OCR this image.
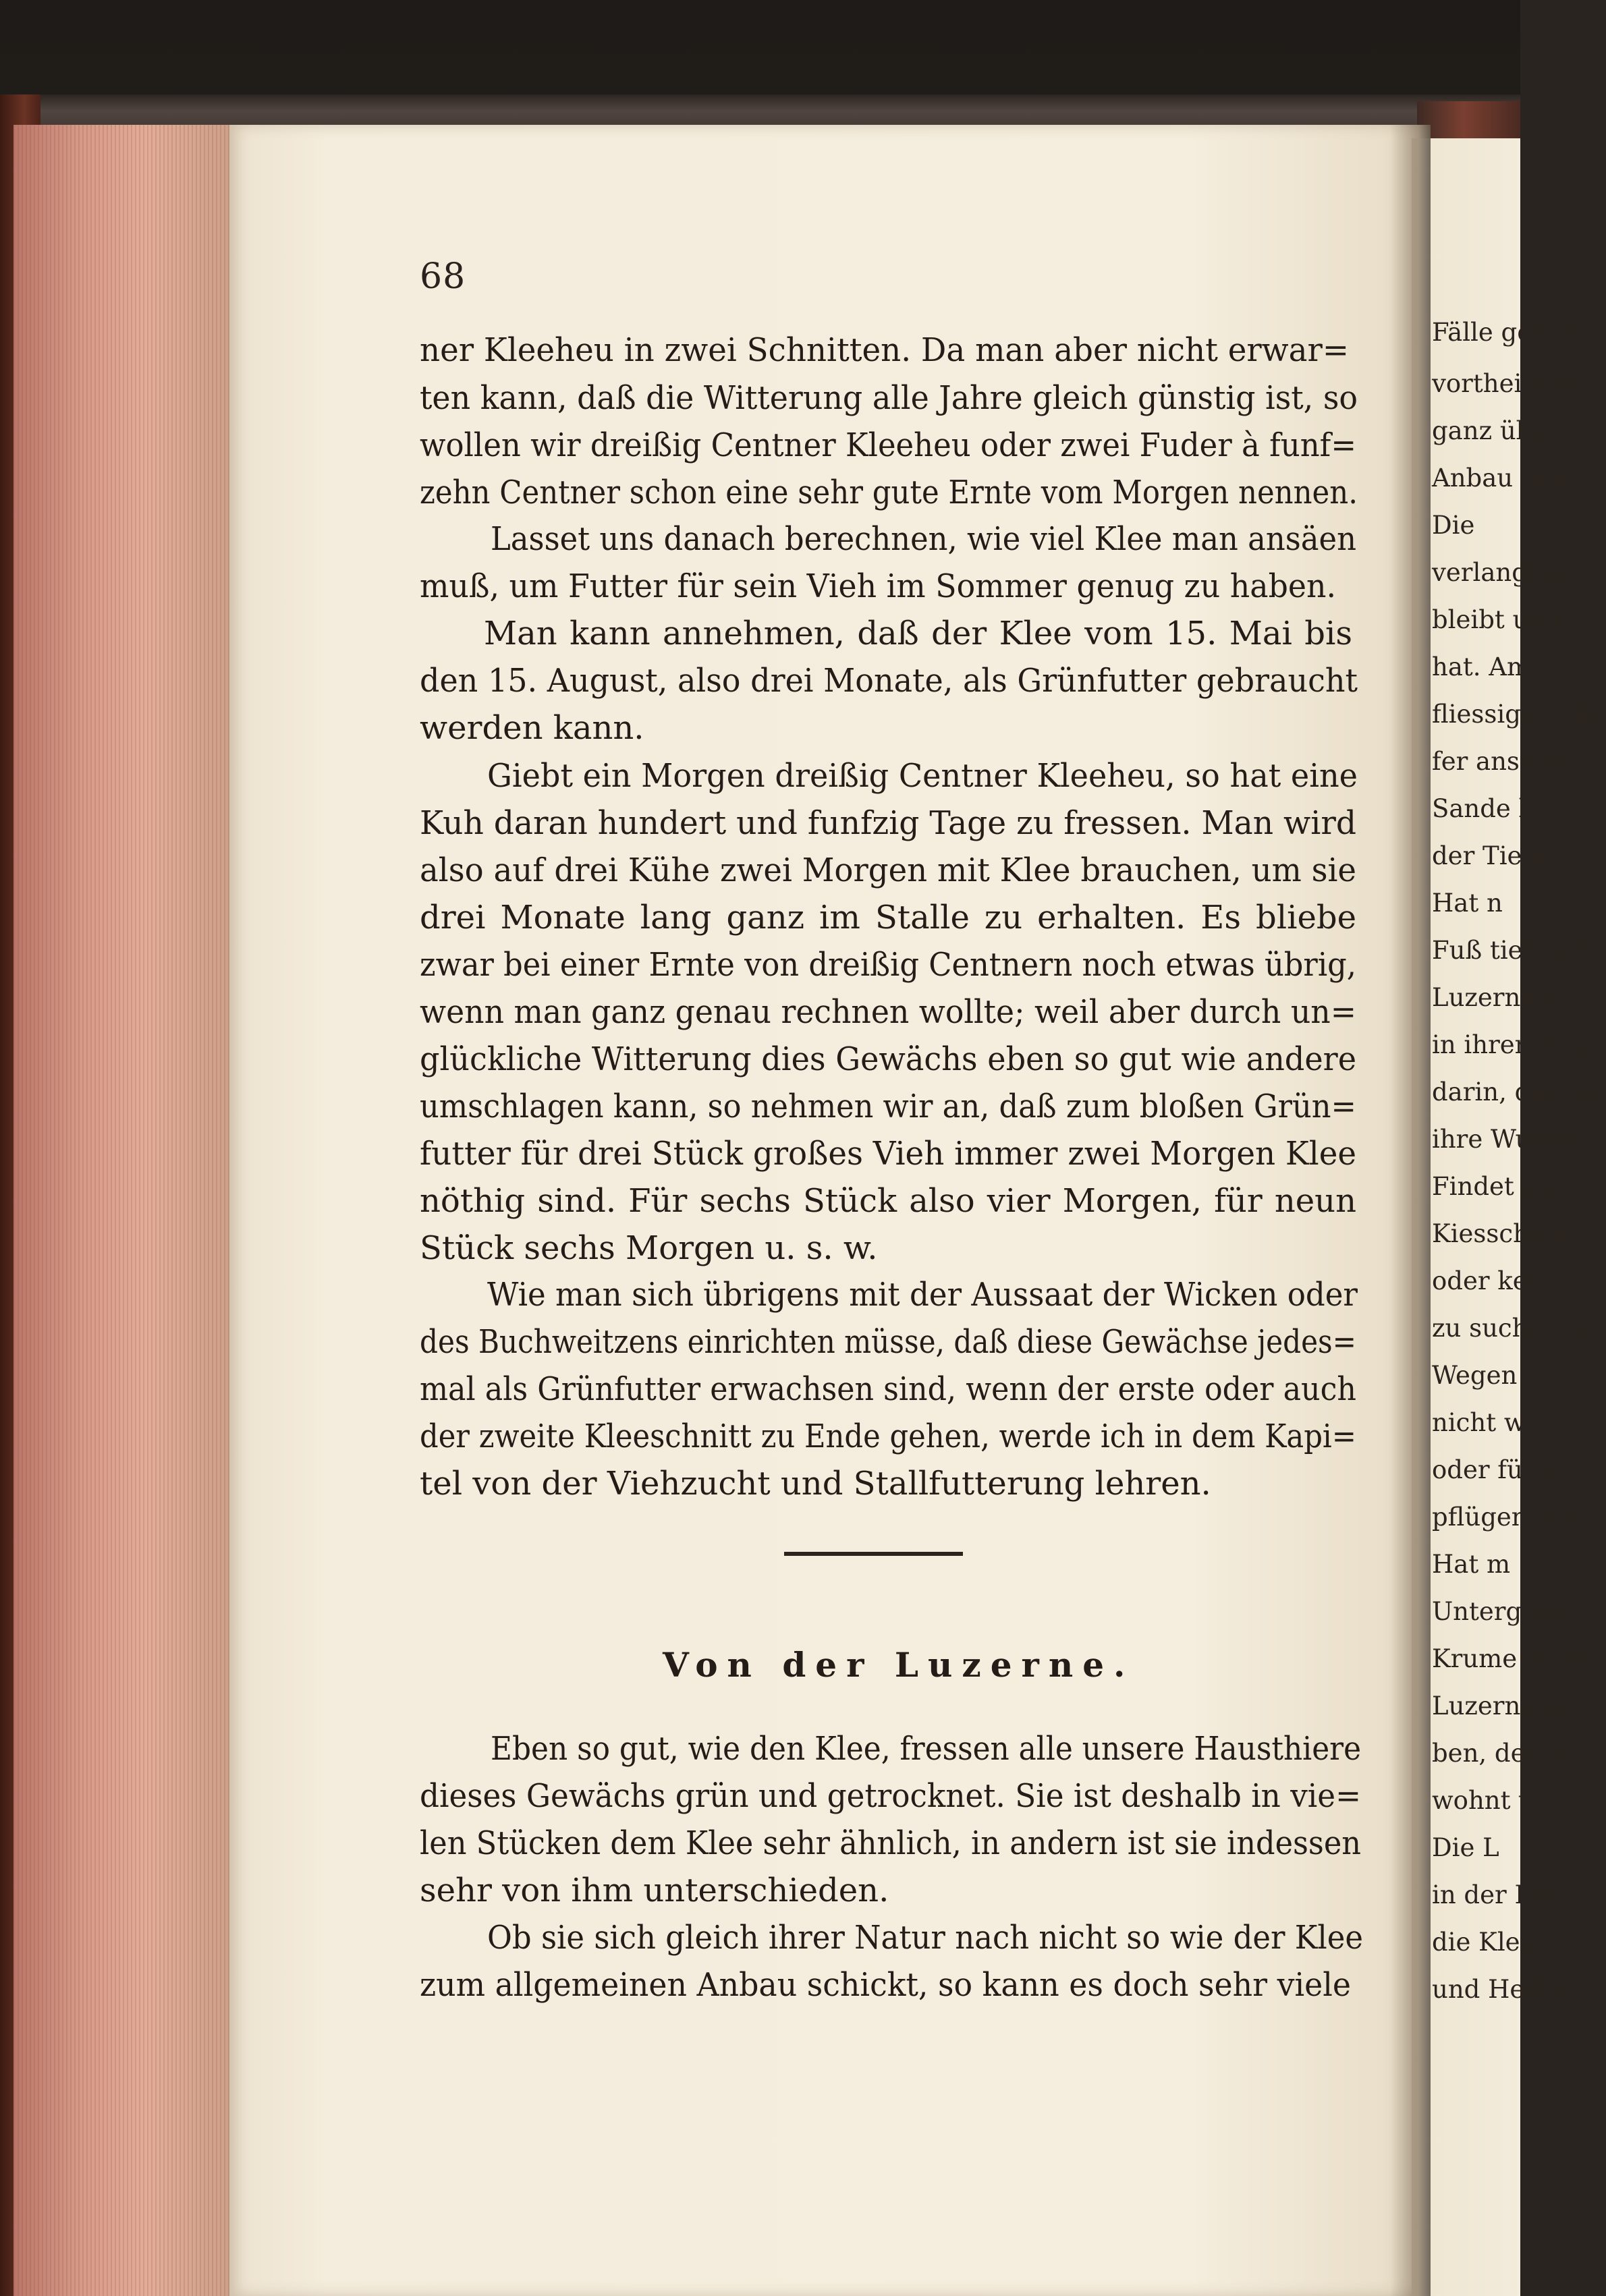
Fälle geben
vortheilhaft
ganz überg
Anbau bem
Die
verlangt ei
bleibt und
hat. Am
fliessigen ode
fer ansiauet
Sande liegt
der Tiefe
Hat n
Fuß tief sich
Luzernefeld
in ihrer lange
darin, daß sie
ihre Wurzel
Findet sie i
Kiesschicht,
oder kein un
zu suchen ist,
Wegen
nicht wohl in
oder für so
pflügen lass
Hat m
Untergrund
Krume ist in
Luzerne an
ben, der al
wohnt war
Die L
in der Reg
die Klee,
und Herbst,
68
ner Kleeheu in zwei Schnitten. Da man aber nicht erwar=
ten kann, daß die Witterung alle Jahre gleich günstig ist, so
wollen wir dreißig Centner Kleeheu oder zwei Fuder à funf=
zehn Centner schon eine sehr gute Ernte vom Morgen nennen.
Lasset uns danach berechnen, wie viel Klee man ansäen
muß, um Futter für sein Vieh im Sommer genug zu haben.
Man kann annehmen, daß der Klee vom 15. Mai bis
den 15. August, also drei Monate, als Grünfutter gebraucht
werden kann.
Giebt ein Morgen dreißig Centner Kleeheu, so hat eine
Kuh daran hundert und funfzig Tage zu fressen. Man wird
also auf drei Kühe zwei Morgen mit Klee brauchen, um sie
drei Monate lang ganz im Stalle zu erhalten. Es bliebe
zwar bei einer Ernte von dreißig Centnern noch etwas übrig,
wenn man ganz genau rechnen wollte; weil aber durch un=
glückliche Witterung dies Gewächs eben so gut wie andere
umschlagen kann, so nehmen wir an, daß zum bloßen Grün=
futter für drei Stück großes Vieh immer zwei Morgen Klee
nöthig sind. Für sechs Stück also vier Morgen, für neun
Stück sechs Morgen u. s. w.
Wie man sich übrigens mit der Aussaat der Wicken oder
des Buchweitzens einrichten müsse, daß diese Gewächse jedes=
mal als Grünfutter erwachsen sind, wenn der erste oder auch
der zweite Kleeschnitt zu Ende gehen, werde ich in dem Kapi=
tel von der Viehzucht und Stallfutterung lehren.
Von der Luzerne.
Eben so gut, wie den Klee, fressen alle unsere Hausthiere
dieses Gewächs grün und getrocknet. Sie ist deshalb in vie=
len Stücken dem Klee sehr ähnlich, in andern ist sie indessen
sehr von ihm unterschieden.
Ob sie sich gleich ihrer Natur nach nicht so wie der Klee
zum allgemeinen Anbau schickt, so kann es doch sehr viele
